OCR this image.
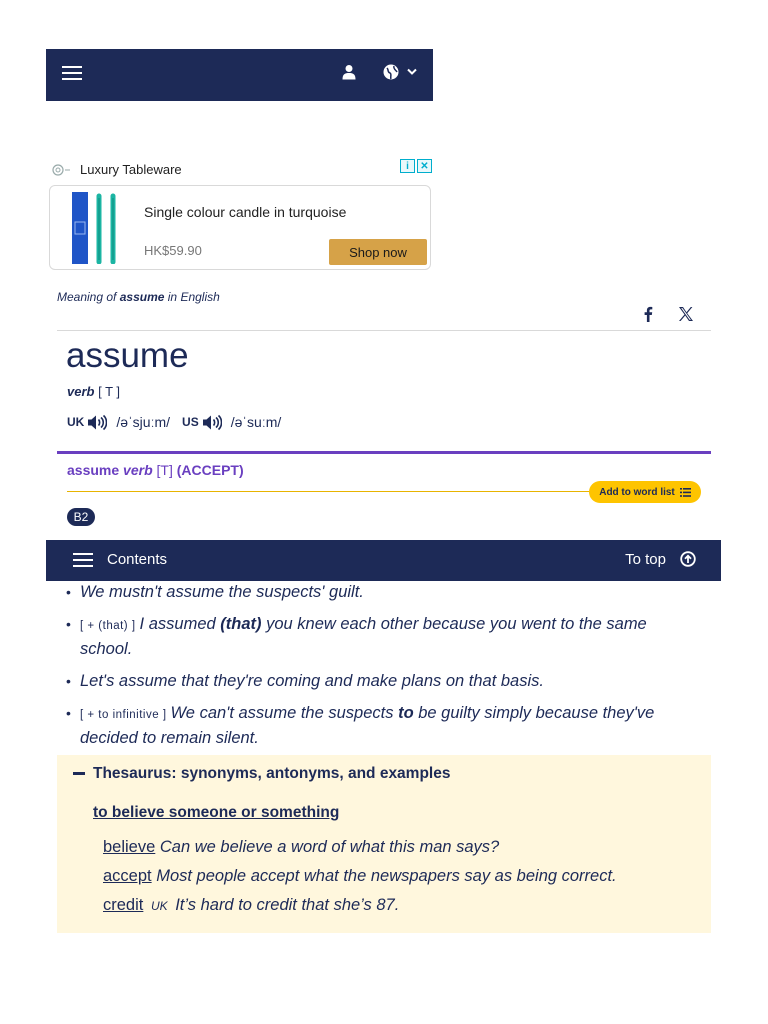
Luxury Tableware	i	✕
Single colour candle in turquoise
HK$59.90	Shop now
Meaning of assume in English
assume
verb [ T ]
UK /əˈsjuːm/ US /əˈsuːm/
assume verb [T] (ACCEPT)
Add to word list
B2
Contents	To top
• We mustn't assume the suspects' guilt.
• [ + (that) ] I assumed (that) you knew each other because you went to the same school.
• Let's assume that they're coming and make plans on that basis.
• [ + to infinitive ] We can't assume the suspects to be guilty simply because they've decided to remain silent.
Thesaurus: synonyms, antonyms, and examples
to believe someone or something
believe Can we believe a word of what this man says?
accept Most people accept what the newspapers say as being correct.
credit UK It’s hard to credit that she’s 87.
